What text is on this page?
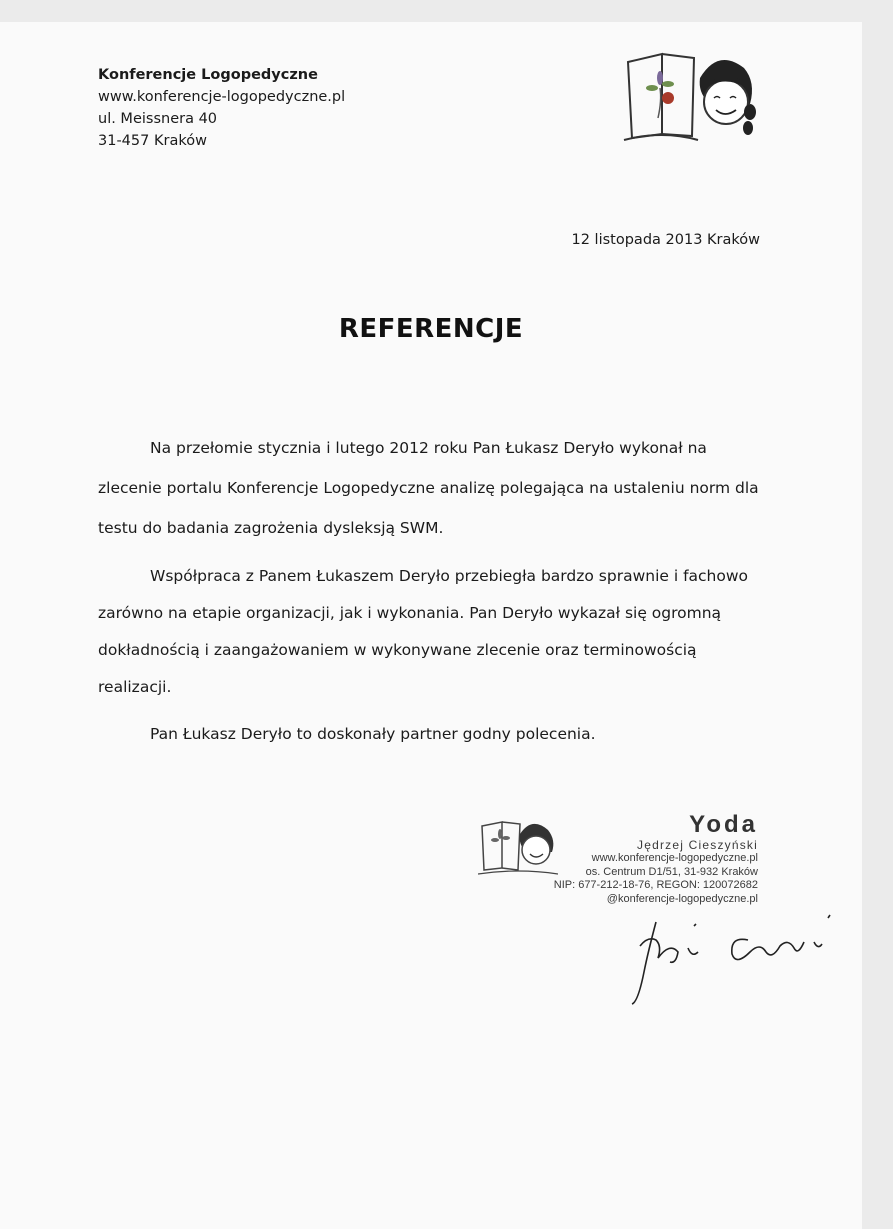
Konferencje Logopedyczne
www.konferencje-logopedyczne.pl
ul. Meissnera 40
31-457 Kraków
12 listopada 2013 Kraków
REFERENCJE

Na przełomie stycznia i lutego 2012 roku Pan Łukasz Deryło wykonał na zlecenie portalu Konferencje Logopedyczne analizę polegająca na ustaleniu norm dla testu do badania zagrożenia dysleksją SWM.

Współpraca z Panem Łukaszem Deryło przebiegła bardzo sprawnie i fachowo zarówno na etapie organizacji, jak i wykonania. Pan Deryło wykazał się ogromną dokładnością i zaangażowaniem w wykonywane zlecenie oraz terminowością realizacji.

Pan Łukasz Deryło to doskonały partner godny polecenia.

Yoda
Jędrzej Cieszyński
www.konferencje-logopedyczne.pl
os. Centrum D1/51, 31-932 Kraków
NIP: 677-212-18-76, REGON: 120072682
@konferencje-logopedyczne.pl
